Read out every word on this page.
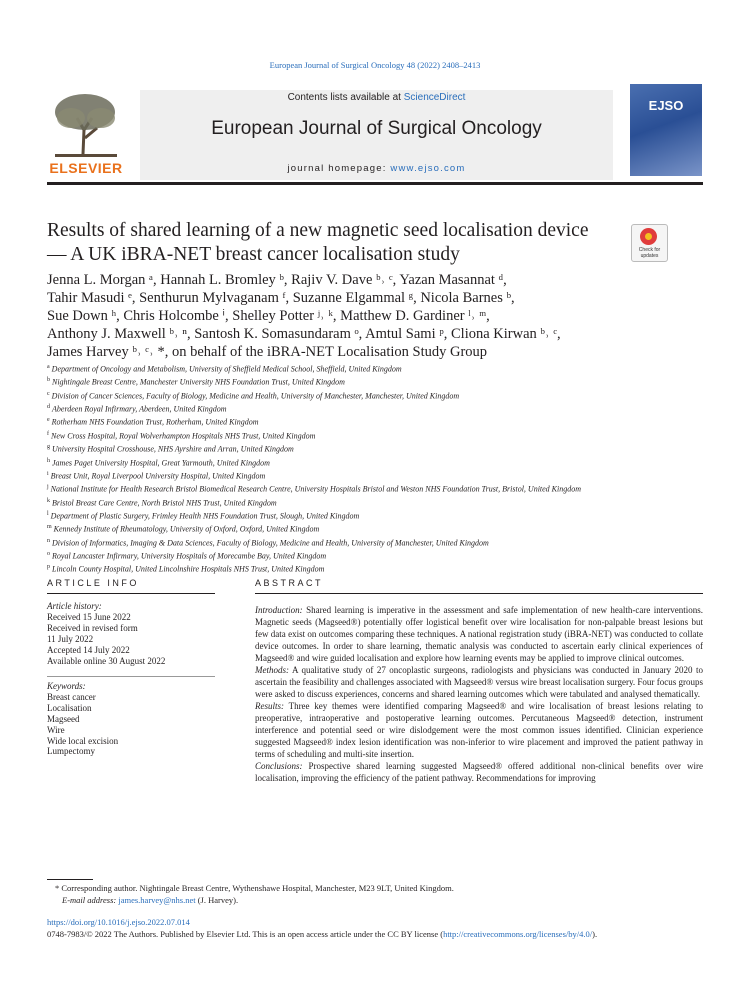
European Journal of Surgical Oncology 48 (2022) 2408–2413
ELSEVIER
Contents lists available at ScienceDirect
European Journal of Surgical Oncology
journal homepage: www.ejso.com
EJSO
Results of shared learning of a new magnetic seed localisation device
— A UK iBRA-NET breast cancer localisation study	Check for updates
Jenna L. Morgan ᵃ, Hannah L. Bromley ᵇ, Rajiv V. Dave ᵇ˒ ᶜ, Yazan Masannat ᵈ,
Tahir Masudi ᵉ, Senthurun Mylvaganam ᶠ, Suzanne Elgammal ᵍ, Nicola Barnes ᵇ,
Sue Down ʰ, Chris Holcombe ⁱ, Shelley Potter ʲ˒ ᵏ, Matthew D. Gardiner ˡ˒ ᵐ,
Anthony J. Maxwell ᵇ˒ ⁿ, Santosh K. Somasundaram ᵒ, Amtul Sami ᵖ, Cliona Kirwan ᵇ˒ ᶜ,
James Harvey ᵇ˒ ᶜ˒ *, on behalf of the iBRA-NET Localisation Study Group
$^a$ Department of Oncology and Metabolism, University of Sheffield Medical School, Sheffield, United Kingdom
$^b$ Nightingale Breast Centre, Manchester University NHS Foundation Trust, United Kingdom
$^c$ Division of Cancer Sciences, Faculty of Biology, Medicine and Health, University of Manchester, Manchester, United Kingdom
$^d$ Aberdeen Royal Infirmary, Aberdeen, United Kingdom
$^e$ Rotherham NHS Foundation Trust, Rotherham, United Kingdom
$^f$ New Cross Hospital, Royal Wolverhampton Hospitals NHS Trust, United Kingdom
$^g$ University Hospital Crosshouse, NHS Ayrshire and Arran, United Kingdom
$^h$ James Paget University Hospital, Great Yarmouth, United Kingdom
$^i$ Breast Unit, Royal Liverpool University Hospital, United Kingdom
$^j$ National Institute for Health Research Bristol Biomedical Research Centre, University Hospitals Bristol and Weston NHS Foundation Trust, Bristol, United Kingdom
$^k$ Bristol Breast Care Centre, North Bristol NHS Trust, United Kingdom
$^l$ Department of Plastic Surgery, Frimley Health NHS Foundation Trust, Slough, United Kingdom
$^m$ Kennedy Institute of Rheumatology, University of Oxford, Oxford, United Kingdom
$^n$ Division of Informatics, Imaging & Data Sciences, Faculty of Biology, Medicine and Health, University of Manchester, United Kingdom
$^o$ Royal Lancaster Infirmary, University Hospitals of Morecambe Bay, United Kingdom
$^p$ Lincoln County Hospital, United Lincolnshire Hospitals NHS Trust, United Kingdom
ARTICLE INFO
Article history:
Received 15 June 2022
Received in revised form
11 July 2022
Accepted 14 July 2022
Available online 30 August 2022
Keywords:
Breast cancer
Localisation
Magseed
Wire
Wide local excision
Lumpectomy
ABSTRACT
Introduction: Shared learning is imperative in the assessment and safe implementation of new health-care interventions. Magnetic seeds (Magseed®) potentially offer logistical benefit over wire localisation for non-palpable breast lesions but few data exist on outcomes comparing these techniques. A national registration study (iBRA-NET) was conducted to collate device outcomes. In order to share learning, thematic analysis was conducted to ascertain early clinical experiences of Magseed® and wire guided localisation and explore how learning events may be applied to improve clinical outcomes.
Methods: A qualitative study of 27 oncoplastic surgeons, radiologists and physicians was conducted in January 2020 to ascertain the feasibility and challenges associated with Magseed® versus wire breast localisation surgery. Four focus groups were asked to discuss experiences, concerns and shared learning outcomes which were tabulated and analysed thematically.
Results: Three key themes were identified comparing Magseed® and wire localisation of breast lesions relating to preoperative, intraoperative and postoperative learning outcomes. Percutaneous Magseed® detection, instrument interference and potential seed or wire dislodgement were the most common issues identified. Clinician experience suggested Magseed® index lesion identification was non-inferior to wire placement and improved the patient pathway in terms of scheduling and multi-site insertion.
Conclusions: Prospective shared learning suggested Magseed® offered additional non-clinical benefits over wire localisation, improving the efficiency of the patient pathway. Recommendations for improving
* Corresponding author. Nightingale Breast Centre, Wythenshawe Hospital, Manchester, M23 9LT, United Kingdom.
E-mail address: james.harvey@nhs.net (J. Harvey).
https://doi.org/10.1016/j.ejso.2022.07.014
0748-7983/© 2022 The Authors. Published by Elsevier Ltd. This is an open access article under the CC BY license (http://creativecommons.org/licenses/by/4.0/).
